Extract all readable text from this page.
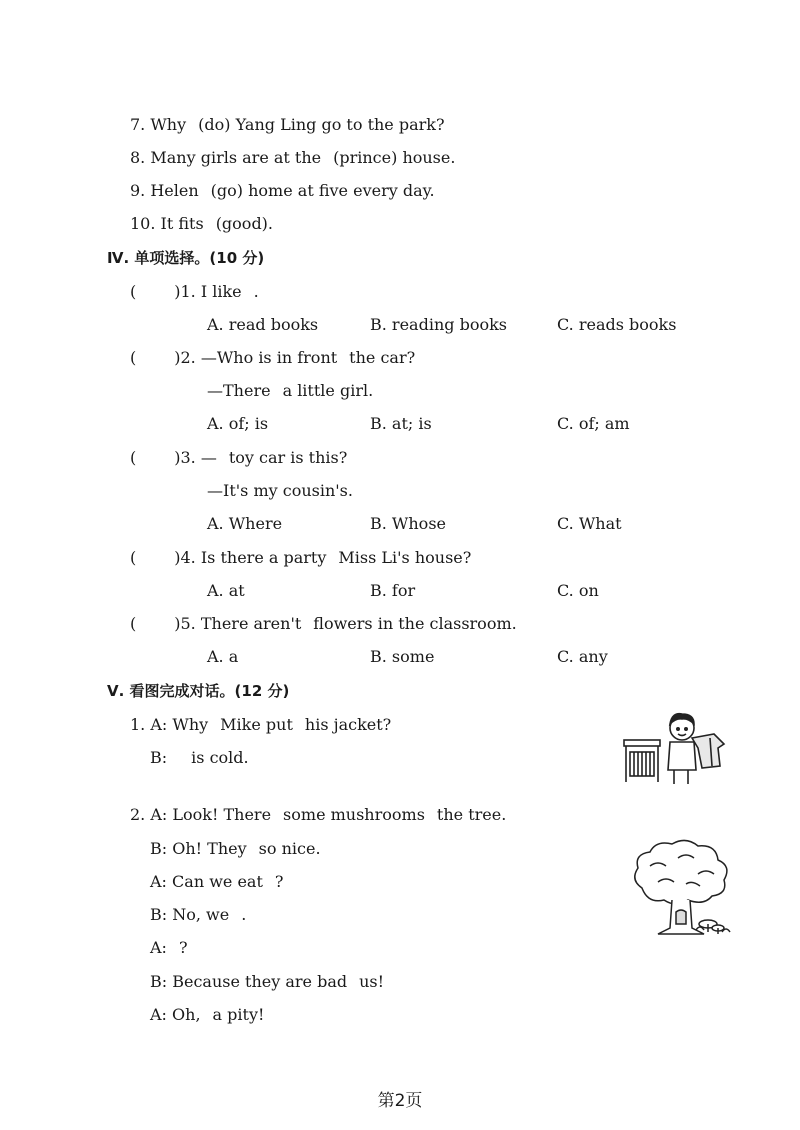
7. Why (do) Yang Ling go to the park?
8. Many girls are at the (prince) house.
9. Helen (go) home at five every day.
10. It fits (good).
Ⅳ. 单项选择。(10 分)
( )1. I like .
A. read books	B. reading books	C. reads books
( )2. —Who is in front the car?
—There a little girl.
A. of; is	B. at; is	C. of; am
( )3. — toy car is this?
—It's my cousin's.
A. Where	B. Whose	C. What
( )4. Is there a party Miss Li's house?
A. at	B. for	C. on
( )5. There aren't flowers in the classroom.
A. a	B. some	C. any
Ⅴ. 看图完成对话。(12 分)
1. A: Why Mike put his jacket?
B: is cold.
2. A: Look! There some mushrooms the tree.
B: Oh! They so nice.
A: Can we eat ?
B: No, we .
A: ?
B: Because they are bad us!
A: Oh, a pity!
第2页
